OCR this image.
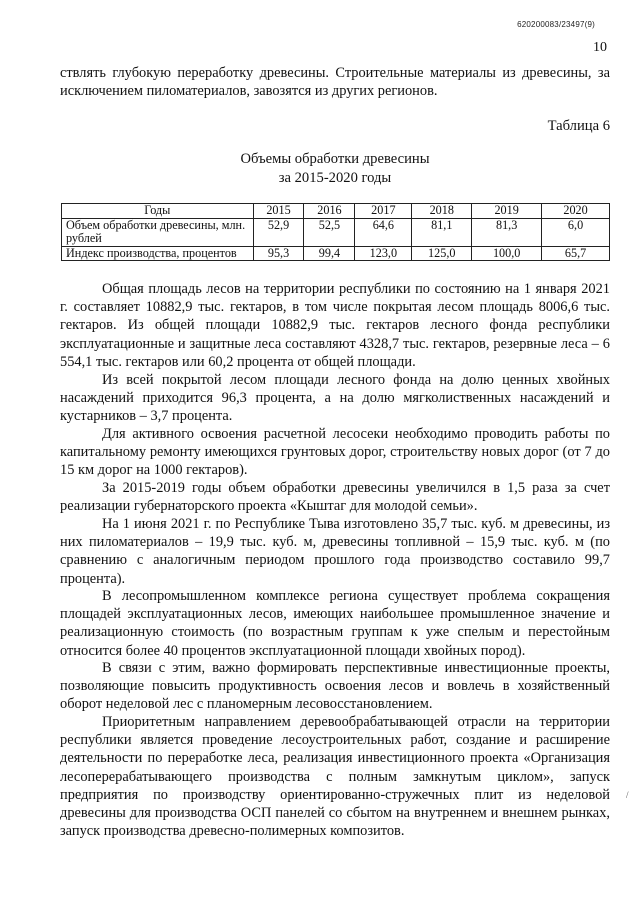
620200083/23497(9)
10

ствлять глубокую переработку древесины. Строительные материалы из древесины, за исключением пиломатериалов, завозятся из других регионов.

Таблица 6
Объемы обработки древесины
за 2015-2020 годы
Годы	2015	2016	2017	2018	2019	2020
Объем обработки древесины, млн. рублей	52,9	52,5	64,6	81,1	81,3	6,0
Индекс производства, процентов	95,3	99,4	123,0	125,0	100,0	65,7

Общая площадь лесов на территории республики по состоянию на 1 января 2021 г. составляет 10882,9 тыс. гектаров, в том числе покрытая лесом площадь 8006,6 тыс. гектаров. Из общей площади 10882,9 тыс. гектаров лесного фонда республики эксплуатационные и защитные леса составляют 4328,7 тыс. гектаров, резервные леса – 6 554,1 тыс. гектаров или 60,2 процента от общей площади.

Из всей покрытой лесом площади лесного фонда на долю ценных хвойных насаждений приходится 96,3 процента, а на долю мягколиственных насаждений и кустарников – 3,7 процента.

Для активного освоения расчетной лесосеки необходимо проводить работы по капитальному ремонту имеющихся грунтовых дорог, строительству новых дорог (от 7 до 15 км дорог на 1000 гектаров).

За 2015-2019 годы объем обработки древесины увеличился в 1,5 раза за счет реализации губернаторского проекта «Кыштаг для молодой семьи».

На 1 июня 2021 г. по Республике Тыва изготовлено 35,7 тыс. куб. м древесины, из них пиломатериалов – 19,9 тыс. куб. м, древесины топливной – 15,9 тыс. куб. м (по сравнению с аналогичным периодом прошлого года производство составило 99,7 процента).

В лесопромышленном комплексе региона существует проблема сокращения площадей эксплуатационных лесов, имеющих наибольшее промышленное значение и реализационную стоимость (по возрастным группам к уже спелым и перестойным относится более 40 процентов эксплуатационной площади хвойных пород).

В связи с этим, важно формировать перспективные инвестиционные проекты, позволяющие повысить продуктивность освоения лесов и вовлечь в хозяйственный оборот неделовой лес с планомерным лесовосстановлением.

Приоритетным направлением деревообрабатывающей отрасли на территории республики является проведение лесоустроительных работ, создание и расширение деятельности по переработке леса, реализация инвестиционного проекта «Организация лесоперерабатывающего производства с полным замкнутым циклом», запуск предприятия по производству ориентированно-стружечных плит из неделовой древесины для производства ОСП панелей со сбытом на внутреннем и внешнем рынках, запуск производства древесно-полимерных композитов.

/
